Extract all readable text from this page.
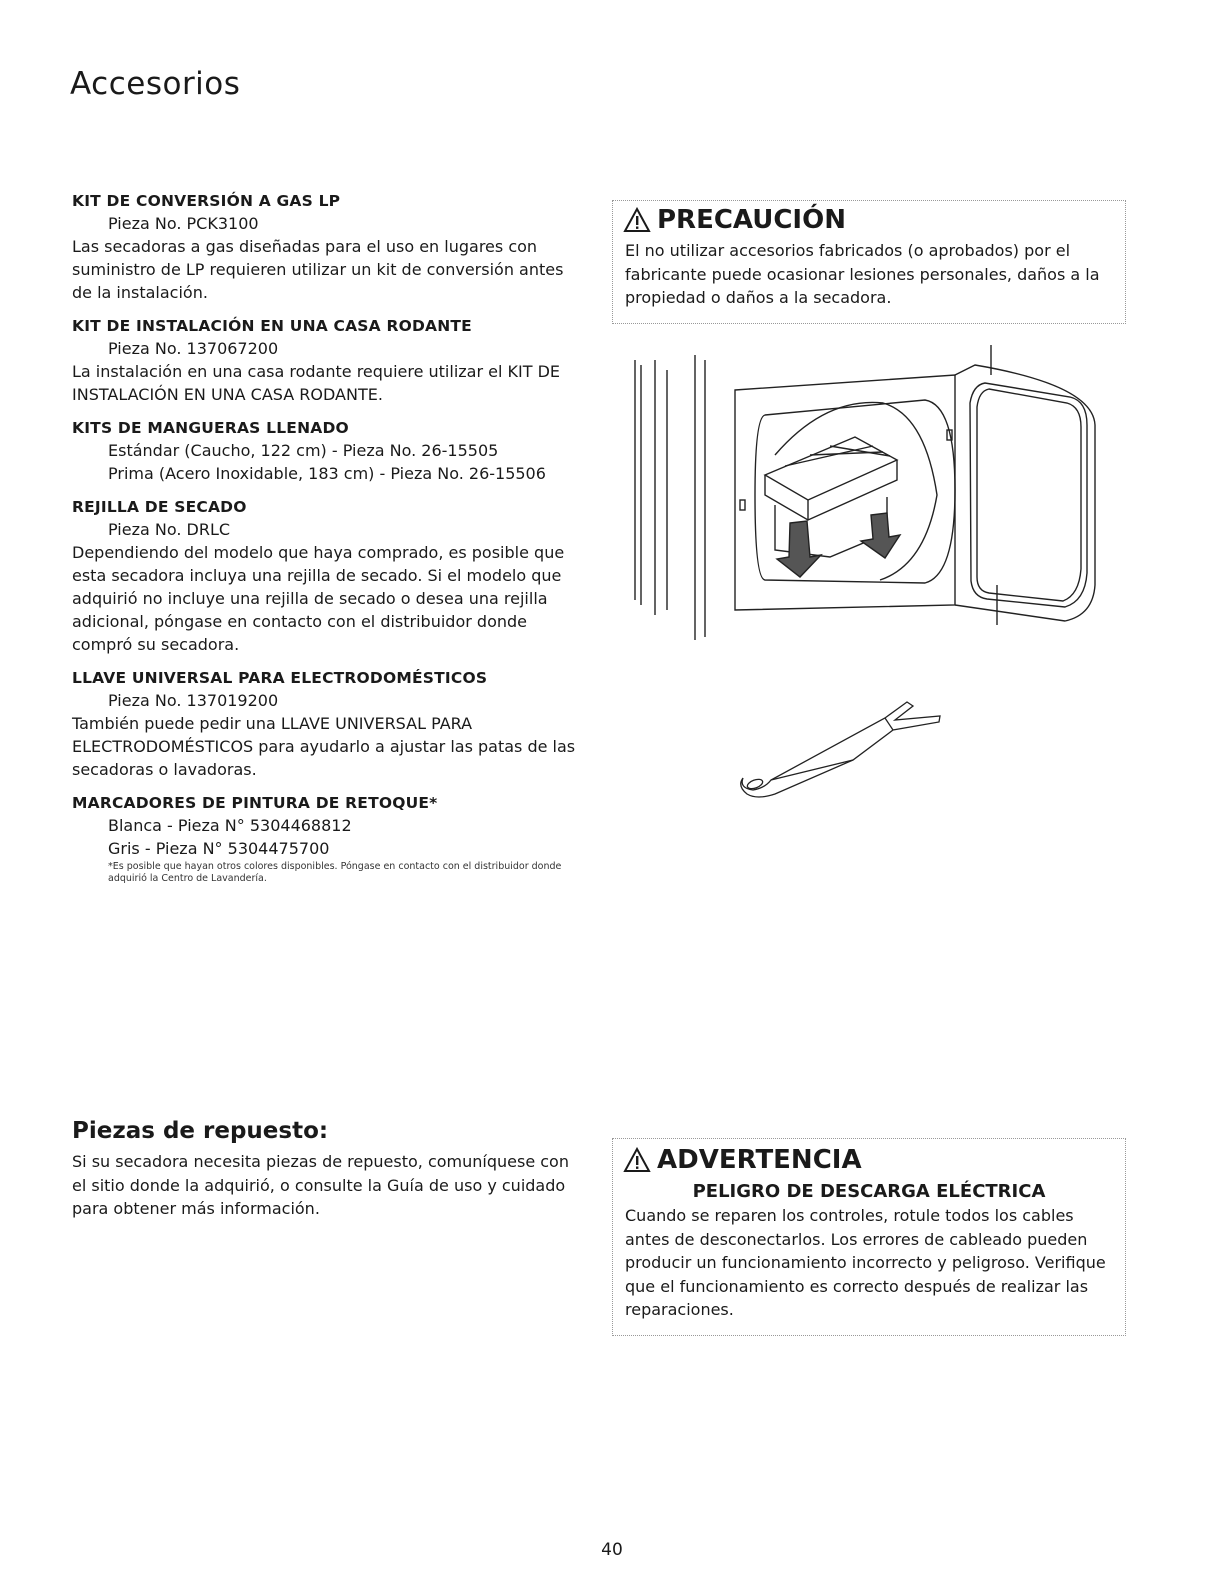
Accesorios
KIT DE CONVERSIÓN A GAS LP
Pieza No. PCK3100
Las secadoras a gas diseñadas para el uso en lugares con suministro de LP requieren utilizar un kit de conversión antes de la instalación.
KIT DE INSTALACIÓN EN UNA CASA RODANTE
Pieza No. 137067200
La instalación en una casa rodante requiere utilizar el KIT DE INSTALACIÓN EN UNA CASA RODANTE.
KITS DE MANGUERAS LLENADO
Estándar (Caucho, 122 cm) - Pieza No. 26-15505
Prima (Acero Inoxidable, 183 cm) - Pieza No. 26-15506
REJILLA DE SECADO
Pieza No. DRLC
Dependiendo del modelo que haya comprado, es posible que esta secadora incluya una rejilla de secado. Si el modelo que adquirió no incluye una rejilla de secado o desea una rejilla adicional, póngase en contacto con el distribuidor donde compró su secadora.
LLAVE UNIVERSAL PARA ELECTRODOMÉSTICOS
Pieza No. 137019200
También puede pedir una LLAVE UNIVERSAL PARA ELECTRODOMÉSTICOS para ayudarlo a ajustar las patas de las secadoras o lavadoras.
MARCADORES DE PINTURA DE RETOQUE*
Blanca - Pieza N° 5304468812
Gris - Pieza N° 5304475700
*Es posible que hayan otros colores disponibles. Póngase en contacto con el distribuidor donde adquirió la Centro de Lavandería.
PRECAUCIÓN
El no utilizar accesorios fabricados (o aprobados) por el fabricante puede ocasionar lesiones personales, daños a la propiedad o daños a la secadora.
Piezas de repuesto:
Si su secadora necesita piezas de repuesto, comuníquese con el sitio donde la adquirió, o consulte la Guía de uso y cuidado para obtener más información.
ADVERTENCIA
PELIGRO DE DESCARGA ELÉCTRICA
Cuando se reparen los controles, rotule todos los cables antes de desconectarlos. Los errores de cableado pueden producir un funcionamiento incorrecto y peligroso. Verifique que el funcionamiento es correcto después de realizar las reparaciones.
40
